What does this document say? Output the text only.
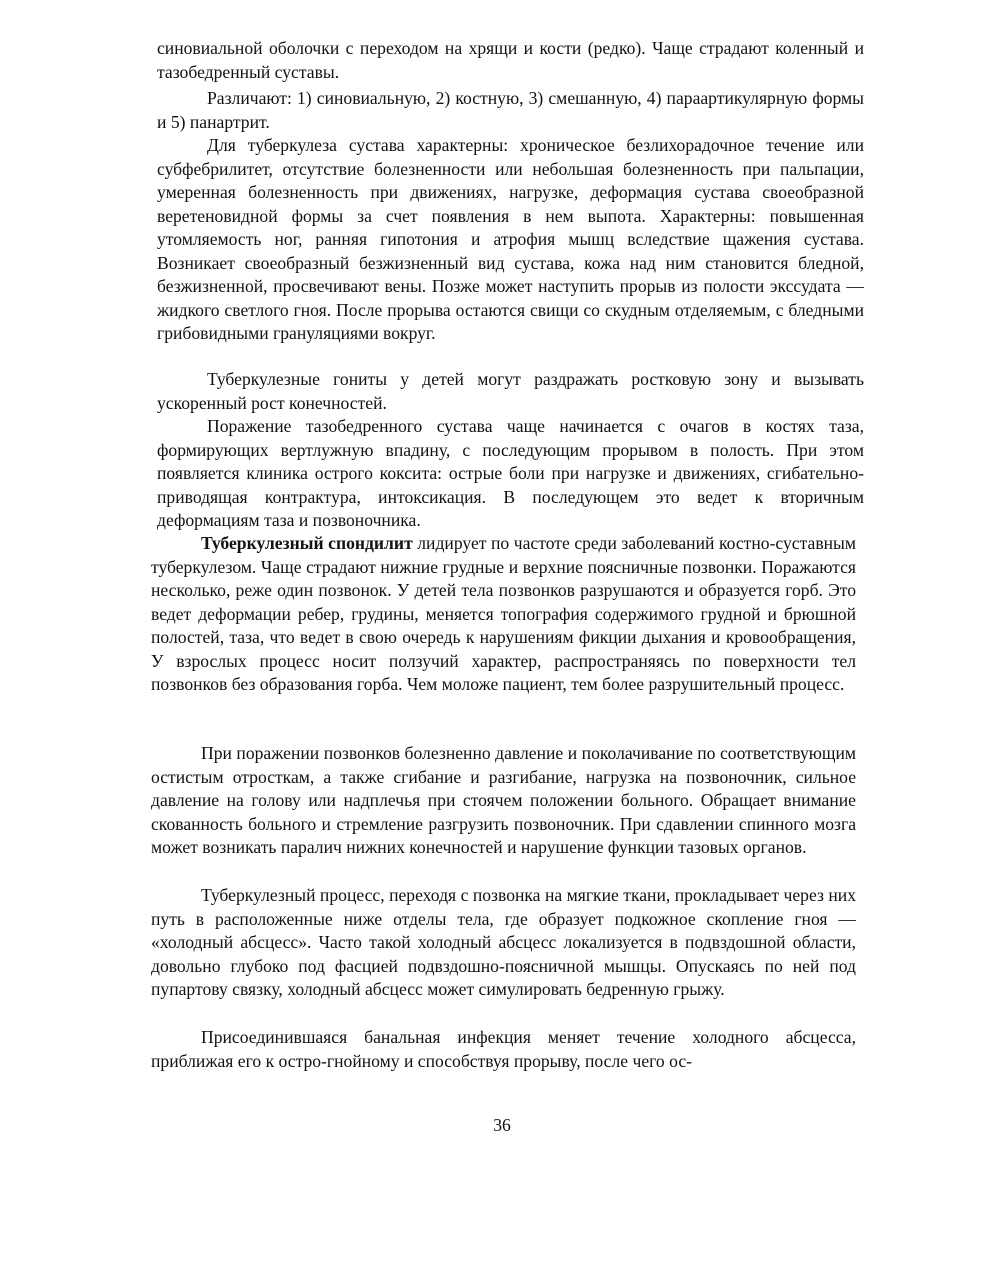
синовиальной оболочки с переходом на хрящи и кости (редко). Чаще страдают коленный и тазобедренный суставы.

Различают: 1) синовиальную, 2) костную, 3) смешанную, 4) параартикулярную формы и 5) панартрит.

Для туберкулеза сустава характерны: хроническое безлихорадочное течение или субфебрилитет, отсутствие болезненности или небольшая болезненность при пальпации, умеренная болезненность при движениях, нагрузке, деформация сустава своеобразной веретеновидной формы за счет появления в нем выпота. Характерны: повышенная утомляемость ног, ранняя гипотония и атрофия мышц вследствие щажения сустава. Возникает своеобразный безжизненный вид сустава, кожа над ним становится бледной, безжизненной, просвечивают вены. Позже может наступить прорыв из полости экссудата — жидкого светлого гноя. После прорыва остаются свищи со скудным отделяемым, с бледными грибовидными грануляциями вокруг.

Туберкулезные гониты у детей могут раздражать ростковую зону и вызывать ускоренный рост конечностей.

Поражение тазобедренного сустава чаще начинается с очагов в костях таза, формирующих вертлужную впадину, с последующим прорывом в полость. При этом появляется клиника острого коксита: острые боли при нагрузке и движениях, сгибательно-приводящая контрактура, интоксикация. В последующем это ведет к вторичным деформациям таза и позвоночника.

Туберкулезный спондилит лидирует по частоте среди заболеваний костно-суставным туберкулезом. Чаще страдают нижние грудные и верхние поясничные позвонки. Поражаются несколько, реже один позвонок. У детей тела позвонков разрушаются и образуется горб. Это ведет деформации ребер, грудины, меняется топография содержимого грудной и брюшной полостей, таза, что ведет в свою очередь к нарушениям фикции дыхания и кровообращения, У взрослых процесс носит ползучий характер, распространяясь по поверхности тел позвонков без образования горба. Чем моложе пациент, тем более разрушительный процесс.

При поражении позвонков болезненно давление и поколачивание по соответствующим остистым отросткам, а также сгибание и разгибание, нагрузка на позвоночник, сильное давление на голову или надплечья при стоячем положении больного. Обращает внимание скованность больного и стремление разгрузить позвоночник. При сдавлении спинного мозга может возникать паралич нижних конечностей и нарушение функции тазовых органов.

Туберкулезный процесс, переходя с позвонка на мягкие ткани, прокладывает через них путь в расположенные ниже отделы тела, где образует подкожное скопление гноя — «холодный абсцесс». Часто такой холодный абсцесс локализуется в подвздошной области, довольно глубоко под фасцией подвздошно-поясничной мышцы. Опускаясь по ней под пупартову связку, холодный абсцесс может симулировать бедренную грыжу.

Присоединившаяся банальная инфекция меняет течение холодного абсцесса, приближая его к остро-гнойному и способствуя прорыву, после чего ос-

36
